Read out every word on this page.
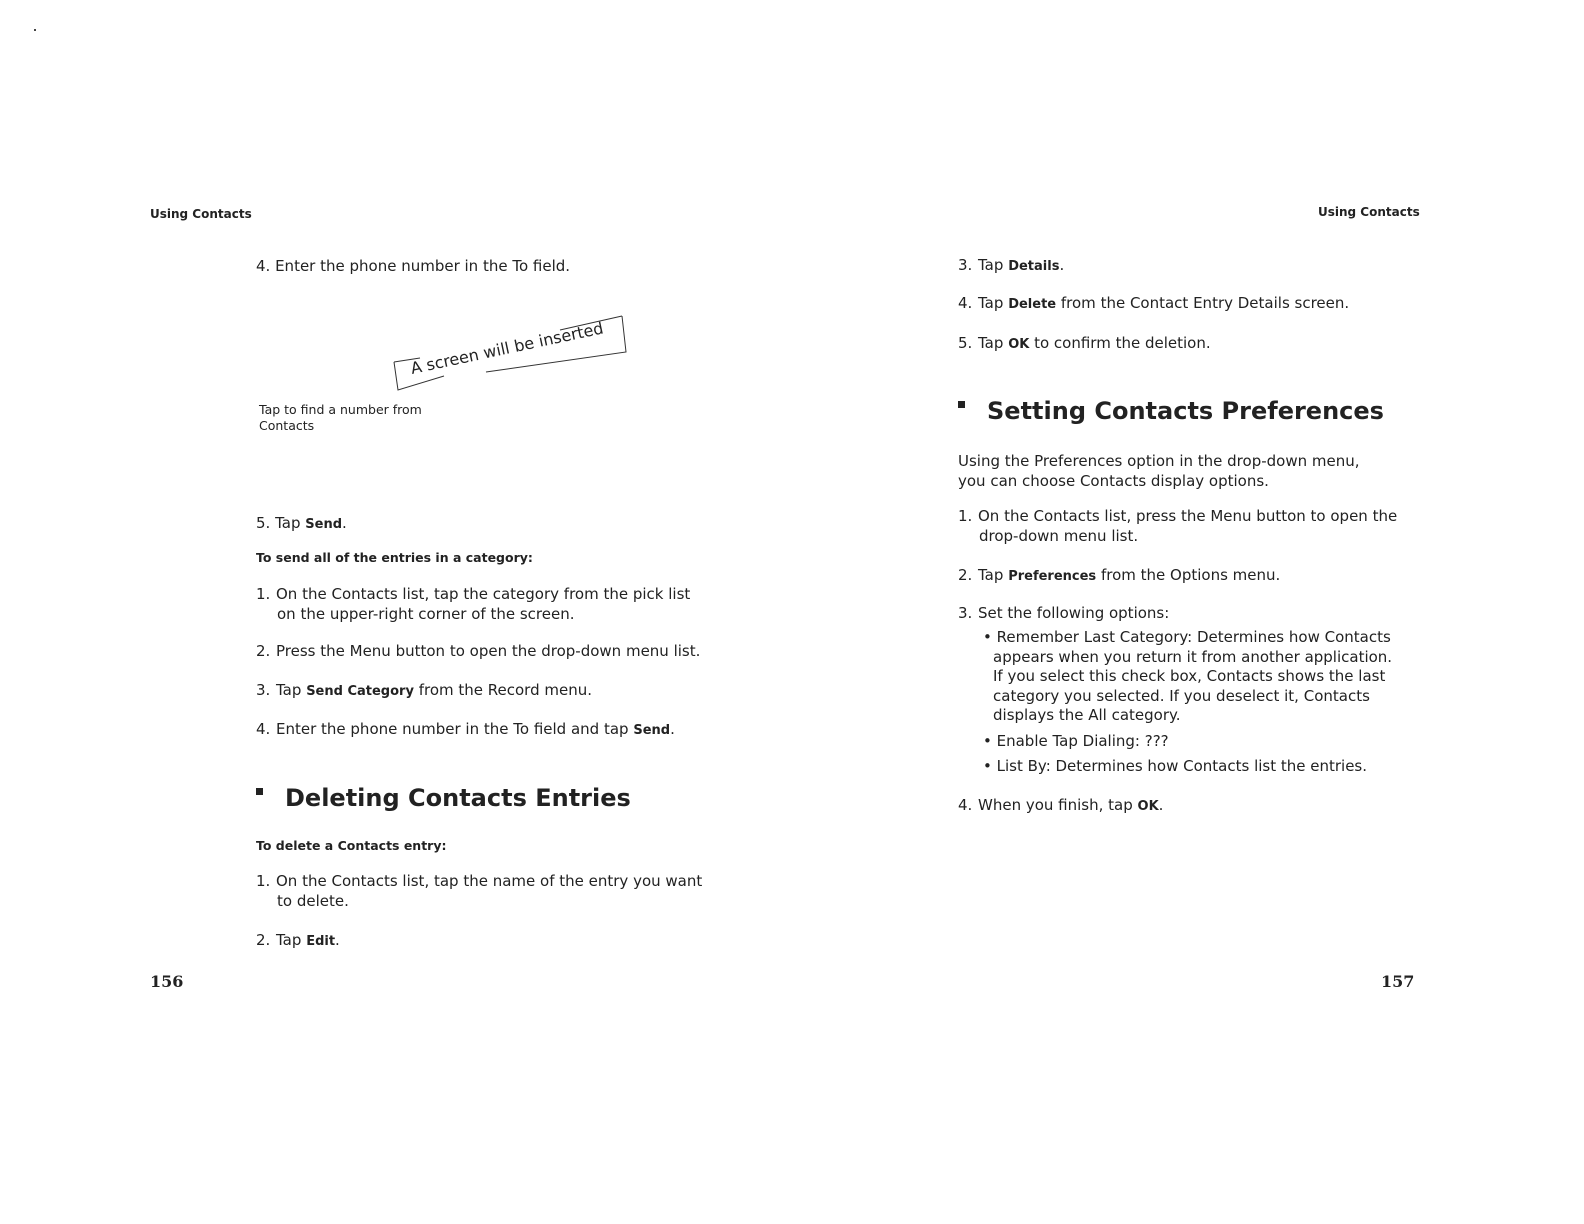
Using Contacts
4. Enter the phone number in the To field.
A screen will be inserted
Tap to find a number from
Contacts
5. Tap Send.
To send all of the entries in a category:
1. On the Contacts list, tap the category from the pick list
on the upper-right corner of the screen.
2. Press the Menu button to open the drop-down menu list.
3. Tap Send Category from the Record menu.
4. Enter the phone number in the To field and tap Send.
Deleting Contacts Entries
To delete a Contacts entry:
1. On the Contacts list, tap the name of the entry you want
to delete.
2. Tap Edit.
156
Using Contacts
3. Tap Details.
4. Tap Delete from the Contact Entry Details screen.
5. Tap OK to confirm the deletion.
Setting Contacts Preferences
Using the Preferences option in the drop-down menu,
you can choose Contacts display options.
1. On the Contacts list, press the Menu button to open the
drop-down menu list.
2. Tap Preferences from the Options menu.
3. Set the following options:
• Remember Last Category: Determines how Contacts
appears when you return it from another application.
If you select this check box, Contacts shows the last
category you selected. If you deselect it, Contacts
displays the All category.
• Enable Tap Dialing: ???
• List By: Determines how Contacts list the entries.
4. When you finish, tap OK.
157
